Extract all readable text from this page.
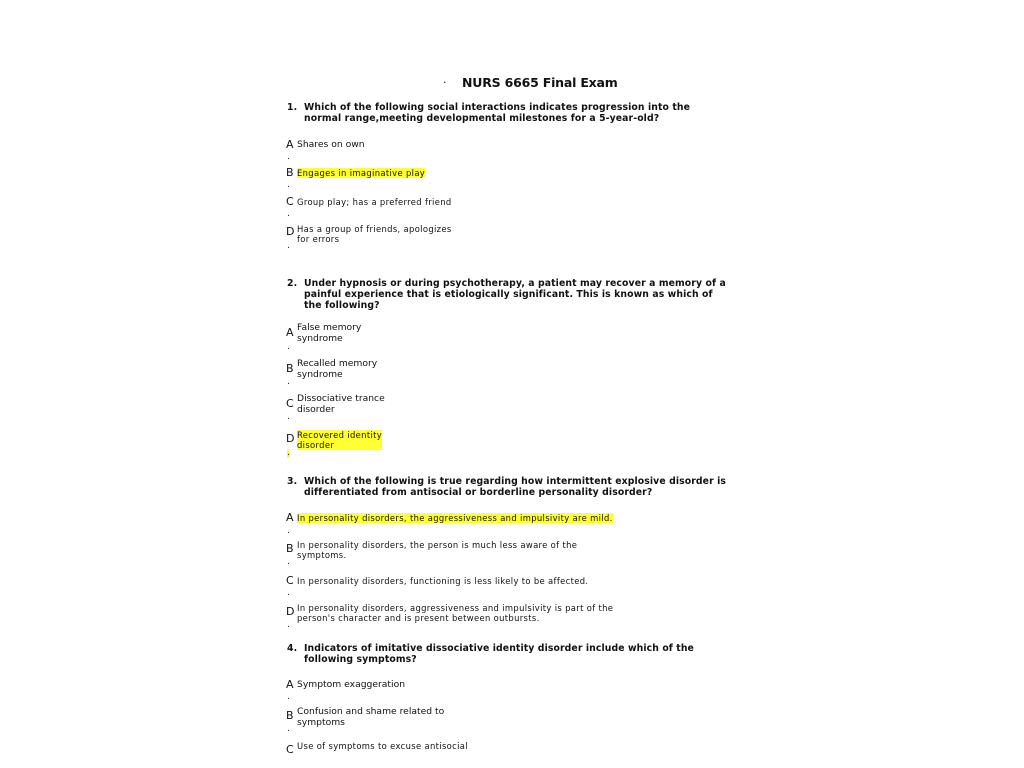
· NURS 6665 Final Exam
1. Which of the following social interactions indicates progression into the normal range,meeting developmental milestones for a 5-year-old?
A Shares on own
.
B Engages in imaginative play
.
C Group play; has a preferred friend
.
D Has a group of friends, apologizes
for errors
.
2. Under hypnosis or during psychotherapy, a patient may recover a memory of a painful experience that is etiologically significant. This is known as which of the following?
A False memory
syndrome
.
B Recalled memory
syndrome
.
C Dissociative trance
disorder
.
D Recovered identity
disorder
.
3. Which of the following is true regarding how intermittent explosive disorder is differentiated from antisocial or borderline personality disorder?
A In personality disorders, the aggressiveness and impulsivity are mild.
.
B In personality disorders, the person is much less aware of the
symptoms.
.
C In personality disorders, functioning is less likely to be affected.
.
D In personality disorders, aggressiveness and impulsivity is part of the
person's character and is present between outbursts.
.
4. Indicators of imitative dissociative identity disorder include which of the following symptoms?
A Symptom exaggeration
.
B Confusion and shame related to
symptoms
.
C Use of symptoms to excuse antisocial
